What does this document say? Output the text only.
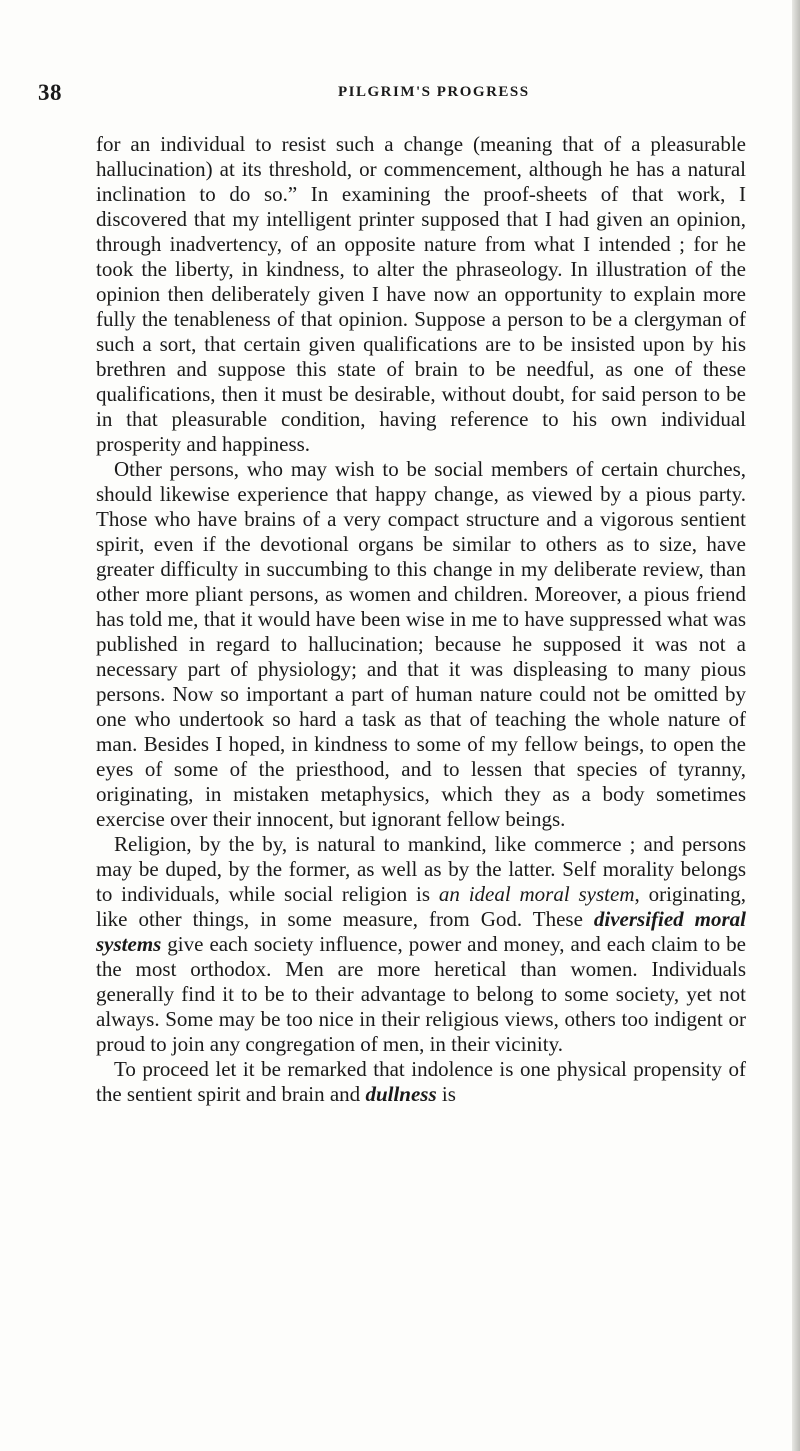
38	PILGRIM'S PROGRESS

for an individual to resist such a change (meaning that of a pleasurable hallucination) at its threshold, or commencement, although he has a natural inclination to do so.” In examining the proof-sheets of that work, I discovered that my intelligent printer supposed that I had given an opinion, through inadvertency, of an opposite nature from what I intended ; for he took the liberty, in kindness, to alter the phraseology. In illustration of the opinion then deliberately given I have now an opportunity to explain more fully the tenableness of that opinion. Suppose a person to be a clergyman of such a sort, that certain given qualifications are to be insisted upon by his brethren and suppose this state of brain to be needful, as one of these qualifications, then it must be desirable, without doubt, for said person to be in that pleasurable condition, having reference to his own individual prosperity and happiness.

Other persons, who may wish to be social members of certain churches, should likewise experience that happy change, as viewed by a pious party. Those who have brains of a very compact structure and a vigorous sentient spirit, even if the devotional organs be similar to others as to size, have greater difficulty in succumbing to this change in my deliberate review, than other more pliant persons, as women and children. Moreover, a pious friend has told me, that it would have been wise in me to have suppressed what was published in regard to hallucination; because he supposed it was not a necessary part of physiology; and that it was displeasing to many pious persons. Now so important a part of human nature could not be omitted by one who undertook so hard a task as that of teaching the whole nature of man. Besides I hoped, in kindness to some of my fellow beings, to open the eyes of some of the priesthood, and to lessen that species of tyranny, originating, in mistaken metaphysics, which they as a body sometimes exercise over their innocent, but ignorant fellow beings.

Religion, by the by, is natural to mankind, like commerce ; and persons may be duped, by the former, as well as by the latter. Self morality belongs to individuals, while social religion is an ideal moral system, originating, like other things, in some measure, from God. These diversified moral systems give each society influence, power and money, and each claim to be the most orthodox. Men are more heretical than women. Individuals generally find it to be to their advantage to belong to some society, yet not always. Some may be too nice in their religious views, others too indigent or proud to join any congregation of men, in their vicinity.

To proceed let it be remarked that indolence is one physical propensity of the sentient spirit and brain and dullness is
